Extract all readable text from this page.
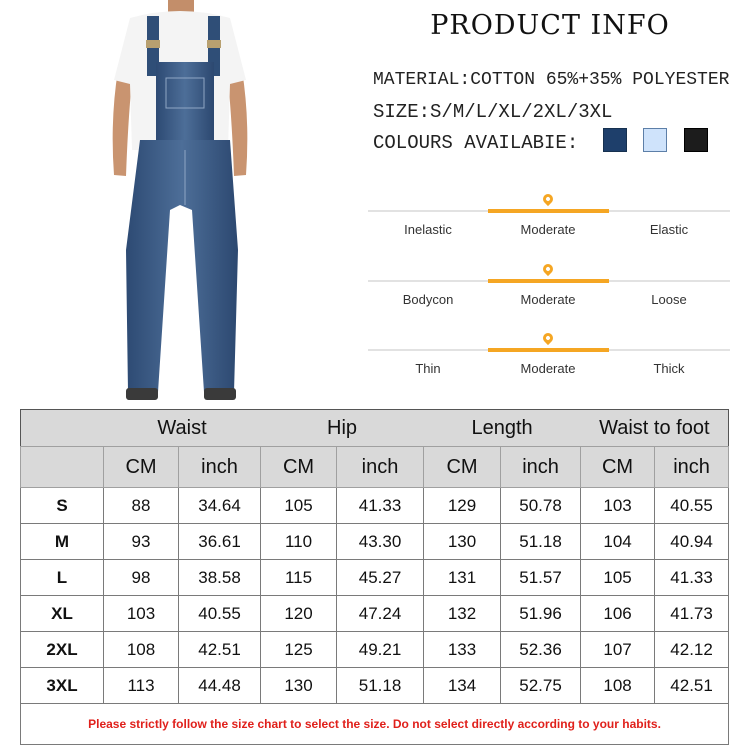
PRODUCT INFO
MATERIAL:COTTON 65%+35% POLYESTER
SIZE:S/M/L/XL/2XL/3XL
COLOURS AVAILABIE:
Inelastic	Moderate	Elastic
Bodycon	Moderate	Loose
Thin	Moderate	Thick
	Waist		Hip		Length		Waist to foot	
	CM	inch	CM	inch	CM	inch	CM	inch
S	88	34.64	105	41.33	129	50.78	103	40.55
M	93	36.61	110	43.30	130	51.18	104	40.94
L	98	38.58	115	45.27	131	51.57	105	41.33
XL	103	40.55	120	47.24	132	51.96	106	41.73
2XL	108	42.51	125	49.21	133	52.36	107	42.12
3XL	113	44.48	130	51.18	134	52.75	108	42.51
Please strictly follow the size chart to select the size. Do not select directly according to your habits.								
